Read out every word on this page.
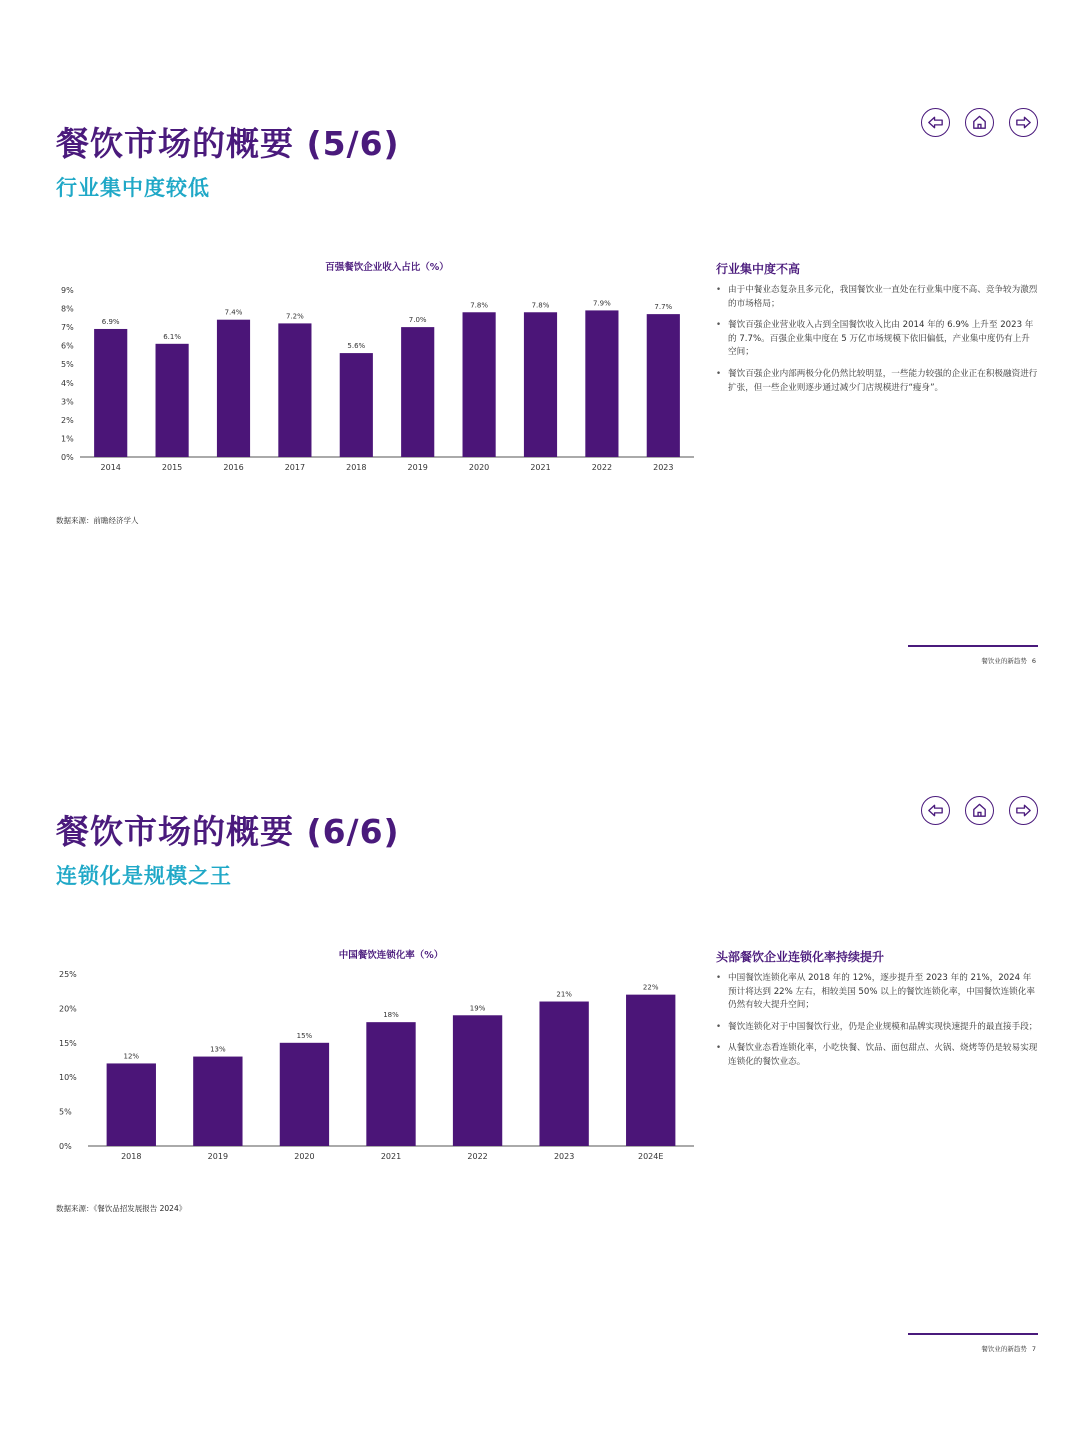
餐饮市场的概要 (5/6)
行业集中度较低
百强餐饮企业收入占比（%）
0%
1%
2%
3%
4%
5%
6%
7%
8%
9%
6.9%
2014
6.1%
2015
7.4%
2016
7.2%
2017
5.6%
2018
7.0%
2019
7.8%
2020
7.8%
2021
7.9%
2022
7.7%
2023
数据来源：前瞻经济学人
行业集中度不高
• 由于中餐业态复杂且多元化，我国餐饮业一直处在行业集中度不高、竞争较为激烈的市场格局；
• 餐饮百强企业营业收入占到全国餐饮收入比由 2014 年的 6.9% 上升至 2023 年的 7.7%。百强企业集中度在 5 万亿市场规模下依旧偏低，产业集中度仍有上升空间；
• 餐饮百强企业内部两极分化仍然比较明显，一些能力较强的企业正在积极融资进行扩张，但一些企业则逐步通过减少门店规模进行“瘦身”。
餐饮业的新趋势 6
餐饮市场的概要 (6/6)
连锁化是规模之王
中国餐饮连锁化率（%）
0%
5%
10%
15%
20%
25%
12%
2018
13%
2019
15%
2020
18%
2021
19%
2022
21%
2023
22%
2024E
数据来源：《餐饮品招发展报告 2024》
头部餐饮企业连锁化率持续提升
• 中国餐饮连锁化率从 2018 年的 12%，逐步提升至 2023 年的 21%，2024 年预计将达到 22% 左右，相较美国 50% 以上的餐饮连锁化率，中国餐饮连锁化率仍然有较大提升空间；
• 餐饮连锁化对于中国餐饮行业，仍是企业规模和品牌实现快速提升的最直接手段；
• 从餐饮业态看连锁化率，小吃快餐、饮品、面包甜点、火锅、烧烤等仍是较易实现连锁化的餐饮业态。
餐饮业的新趋势 7
